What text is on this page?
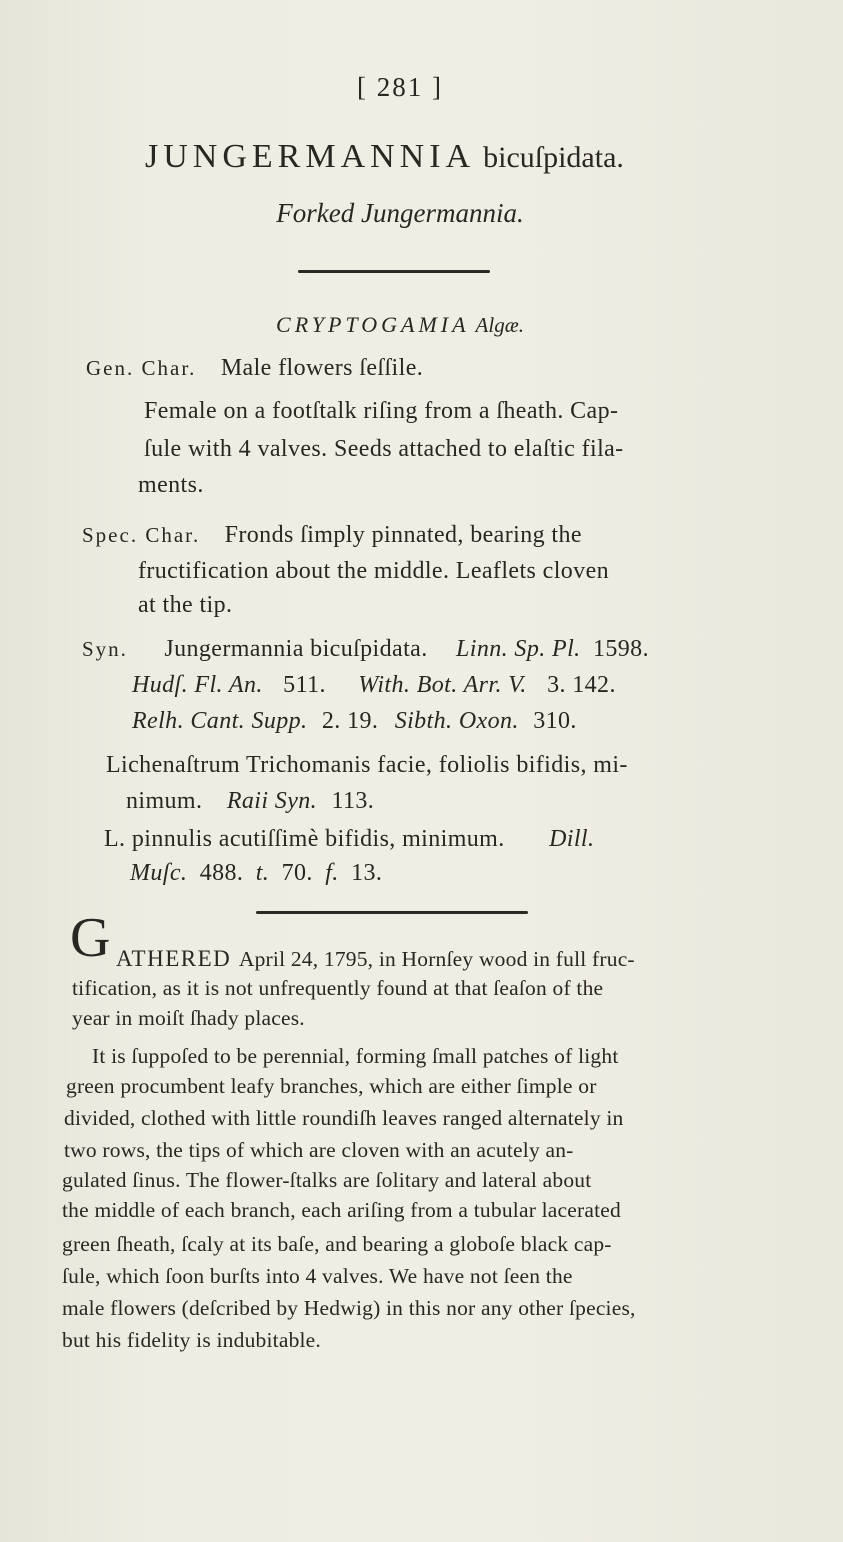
[ 281 ]
JUNGERMANNIA bicuſpidata.
Forked Jungermannia.
CRYPTOGAMIA Algæ.
Gen. Char. Male flowers ſeſſile.
Female on a footſtalk riſing from a ſheath. Cap-
ſule with 4 valves. Seeds attached to elaſtic fila-
ments.
Spec. Char. Fronds ſimply pinnated, bearing the
fructification about the middle. Leaflets cloven
at the tip.
Syn. Jungermannia bicuſpidata. Linn. Sp. Pl. 1598.
Hudſ. Fl. An. 511. With. Bot. Arr. V. 3. 142.
Relh. Cant. Supp. 2. 19. Sibth. Oxon. 310.
Lichenaſtrum Trichomanis facie, foliolis bifidis, mi-
nimum. Raii Syn. 113.
L. pinnulis acutiſſimè bifidis, minimum. Dill.
Muſc. 488. t. 70. f. 13.
G ATHERED April 24, 1795, in Hornſey wood in full fruc-
tification, as it is not unfrequently found at that ſeaſon of the
year in moiſt ſhady places.
It is ſuppoſed to be perennial, forming ſmall patches of light
green procumbent leafy branches, which are either ſimple or
divided, clothed with little roundiſh leaves ranged alternately in
two rows, the tips of which are cloven with an acutely an-
gulated ſinus. The flower-ſtalks are ſolitary and lateral about
the middle of each branch, each ariſing from a tubular lacerated
green ſheath, ſcaly at its baſe, and bearing a globoſe black cap-
ſule, which ſoon burſts into 4 valves. We have not ſeen the
male flowers (deſcribed by Hedwig) in this nor any other ſpecies,
but his fidelity is indubitable.
